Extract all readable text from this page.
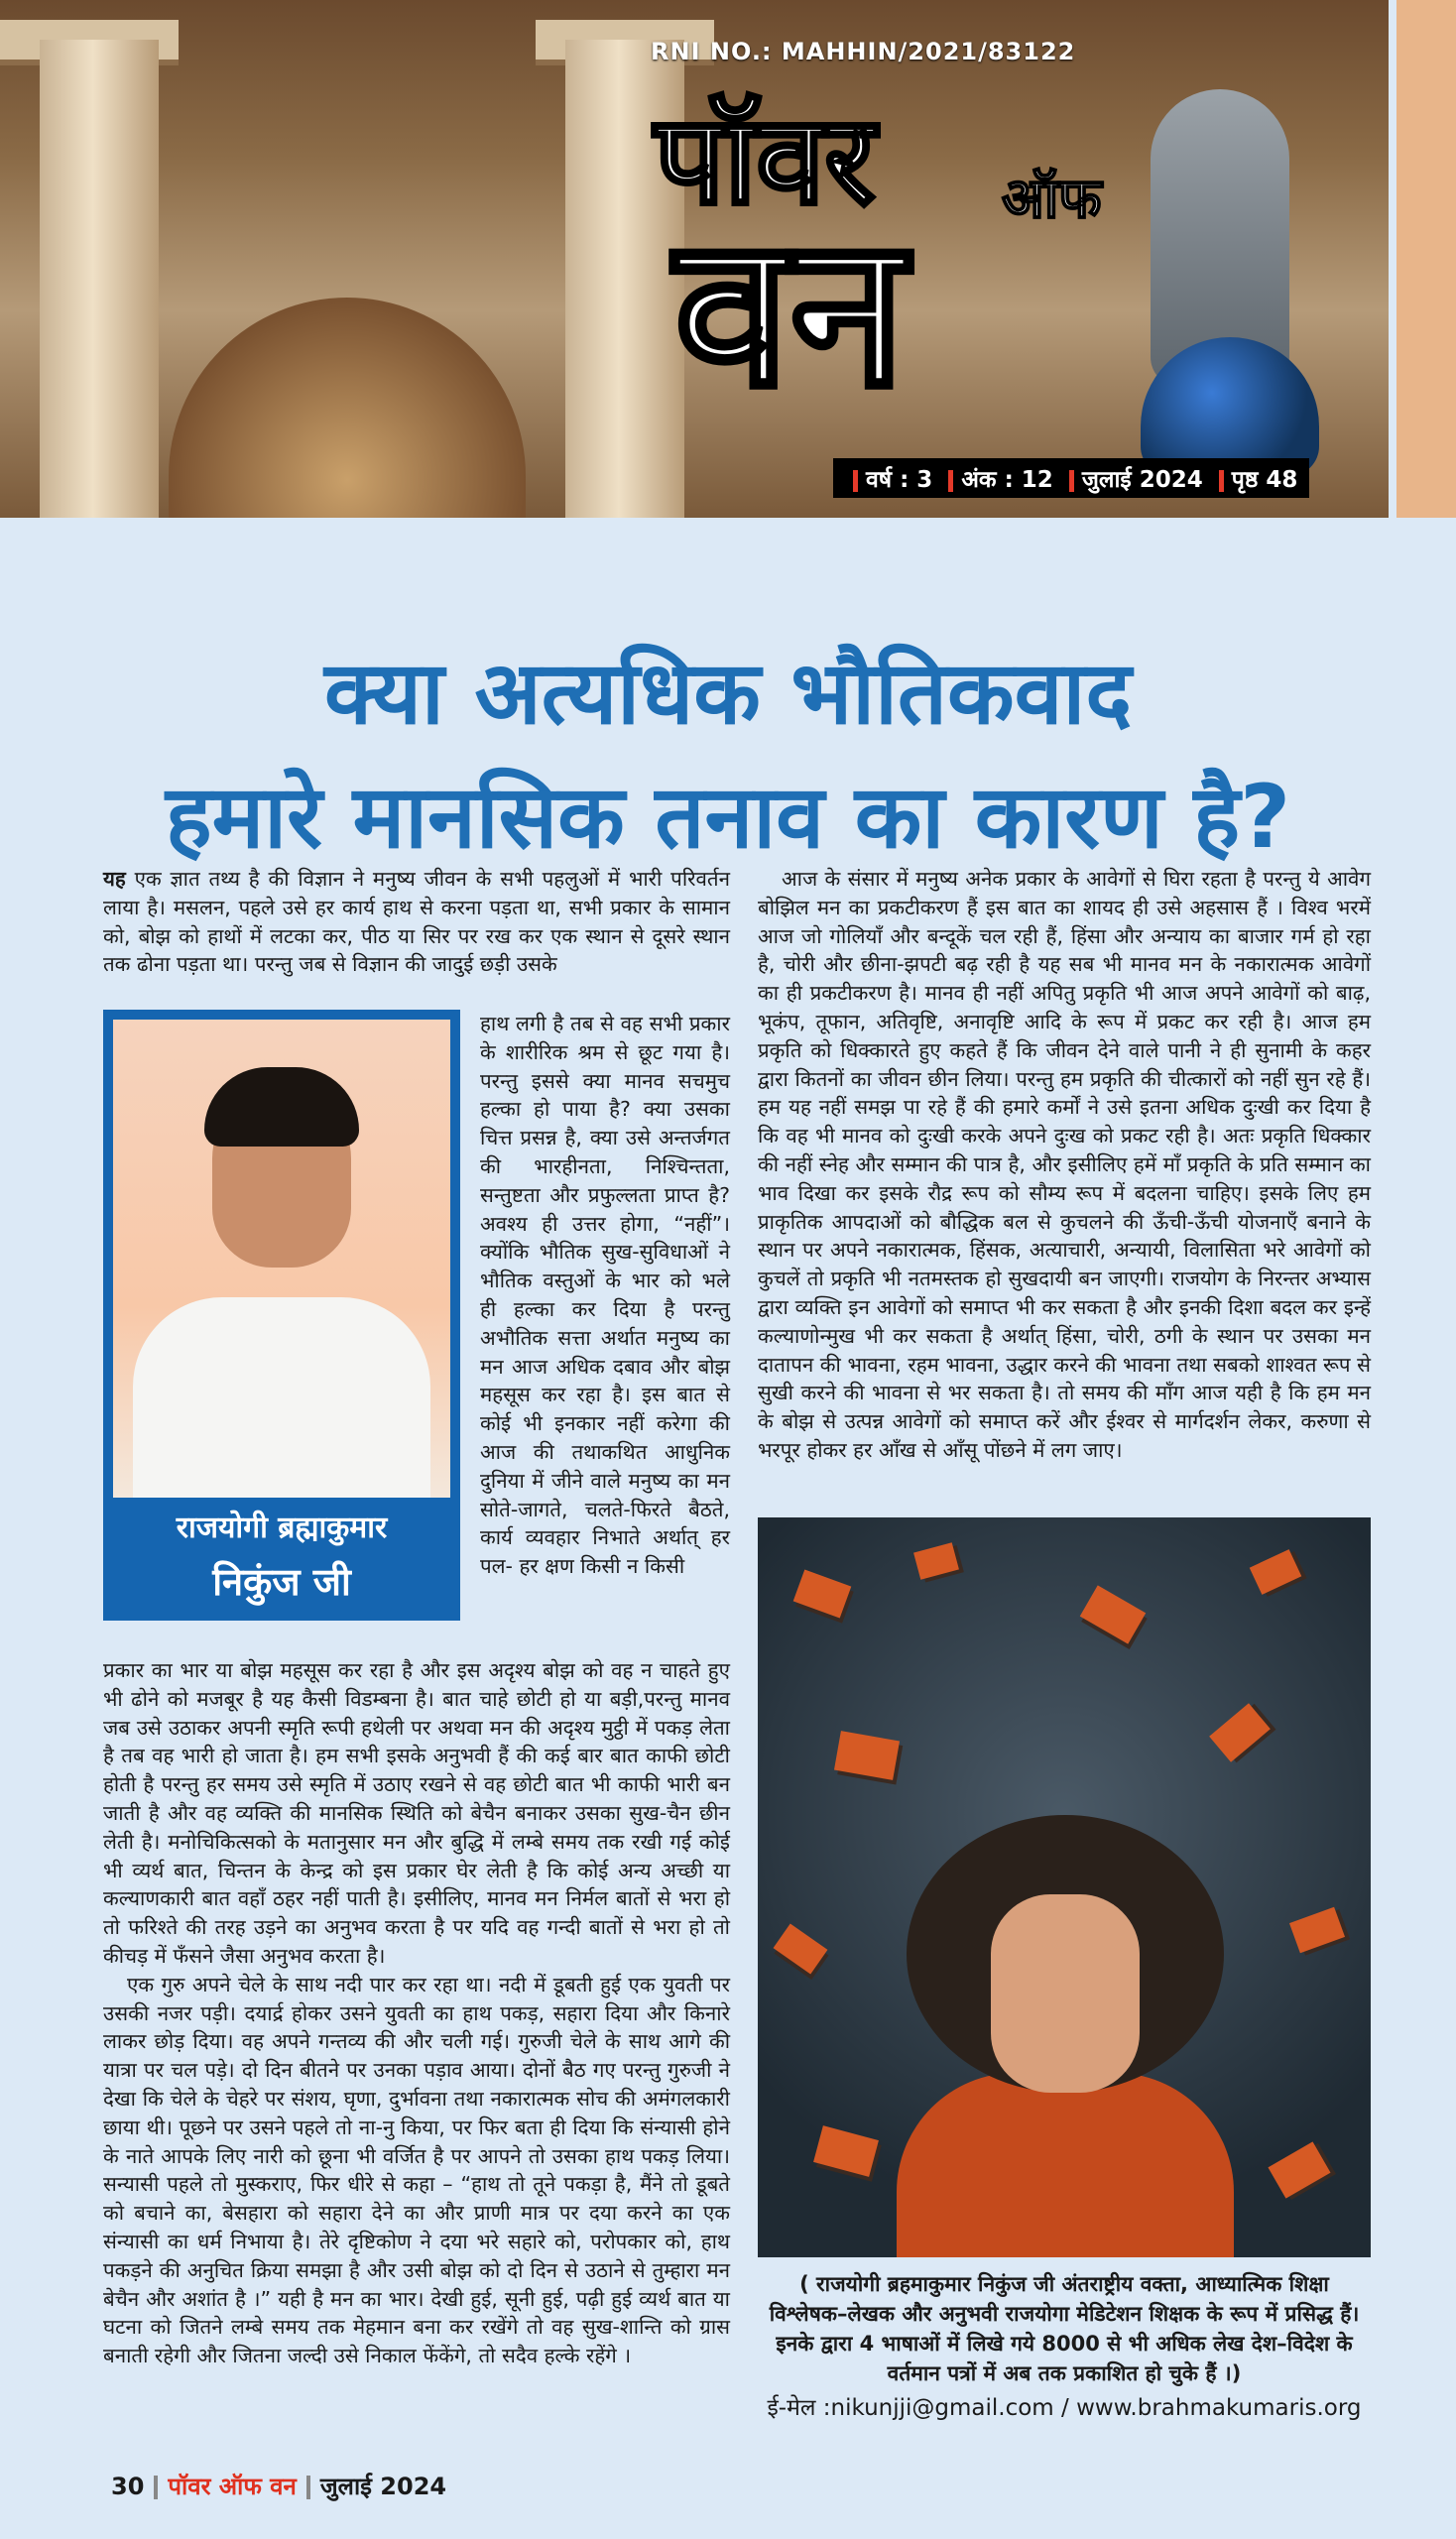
RNI NO.: MAHHIN/2021/83122
पॉवर ऑफ
वन
वर्ष : 3 अंक : 12 जुलाई 2024 पृष्ठ 48
क्या अत्यधिक भौतिकवाद
हमारे मानसिक तनाव का कारण है?

यह एक ज्ञात तथ्य है की विज्ञान ने मनुष्य जीवन के सभी पहलुओं में भारी परिवर्तन लाया है। मसलन, पहले उसे हर कार्य हाथ से करना पड़ता था, सभी प्रकार के सामान को, बोझ को हाथों में लटका कर, पीठ या सिर पर रख कर एक स्थान से दूसरे स्थान तक ढोना पड़ता था। परन्तु जब से विज्ञान की जादुई छड़ी उसके

राजयोगी ब्रह्माकुमार
निकुंज जी

हाथ लगी है तब से वह सभी प्रकार के शारीरिक श्रम से छूट गया है। परन्तु इससे क्या मानव सचमुच हल्का हो पाया है? क्या उसका चित्त प्रसन्न है, क्या उसे अन्तर्जगत की भारहीनता, निश्चिन्तता, सन्तुष्टता और प्रफुल्लता प्राप्त है? अवश्य ही उत्तर होगा, “नहीं”। क्योंकि भौतिक सुख-सुविधाओं ने भौतिक वस्तुओं के भार को भले ही हल्का कर दिया है परन्तु अभौतिक सत्ता अर्थात मनुष्य का मन आज अधिक दबाव और बोझ महसूस कर रहा है। इस बात से कोई भी इनकार नहीं करेगा की आज की तथाकथित आधुनिक दुनिया में जीने वाले मनुष्य का मन सोते-जागते, चलते-फिरते बैठते, कार्य व्यवहार निभाते अर्थात् हर पल- हर क्षण किसी न किसी

प्रकार का भार या बोझ महसूस कर रहा है और इस अदृश्य बोझ को वह न चाहते हुए भी ढोने को मजबूर है यह कैसी विडम्बना है। बात चाहे छोटी हो या बड़ी,परन्तु मानव जब उसे उठाकर अपनी स्मृति रूपी हथेली पर अथवा मन की अदृश्य मुट्ठी में पकड़ लेता है तब वह भारी हो जाता है। हम सभी इसके अनुभवी हैं की कई बार बात काफी छोटी होती है परन्तु हर समय उसे स्मृति में उठाए रखने से वह छोटी बात भी काफी भारी बन जाती है और वह व्यक्ति की मानसिक स्थिति को बेचैन बनाकर उसका सुख-चैन छीन लेती है। मनोचिकित्सको के मतानुसार मन और बुद्धि में लम्बे समय तक रखी गई कोई भी व्यर्थ बात, चिन्तन के केन्द्र को इस प्रकार घेर लेती है कि कोई अन्य अच्छी या कल्याणकारी बात वहाँ ठहर नहीं पाती है। इसीलिए, मानव मन निर्मल बातों से भरा हो तो फरिश्ते की तरह उड़ने का अनुभव करता है पर यदि वह गन्दी बातों से भरा हो तो कीचड़ में फँसने जैसा अनुभव करता है।

एक गुरु अपने चेले के साथ नदी पार कर रहा था। नदी में डूबती हुई एक युवती पर उसकी नजर पड़ी। दयार्द्र होकर उसने युवती का हाथ पकड़, सहारा दिया और किनारे लाकर छोड़ दिया। वह अपने गन्तव्य की और चली गई। गुरुजी चेले के साथ आगे की यात्रा पर चल पड़े। दो दिन बीतने पर उनका पड़ाव आया। दोनों बैठ गए परन्तु गुरुजी ने देखा कि चेले के चेहरे पर संशय, घृणा, दुर्भावना तथा नकारात्मक सोच की अमंगलकारी छाया थी। पूछने पर उसने पहले तो ना-नु किया, पर फिर बता ही दिया कि संन्यासी होने के नाते आपके लिए नारी को छूना भी वर्जित है पर आपने तो उसका हाथ पकड़ लिया। सन्यासी पहले तो मुस्कराए, फिर धीरे से कहा – “हाथ तो तूने पकड़ा है, मैंने तो डूबते को बचाने का, बेसहारा को सहारा देने का और प्राणी मात्र पर दया करने का एक संन्यासी का धर्म निभाया है। तेरे दृष्टिकोण ने दया भरे सहारे को, परोपकार को, हाथ पकड़ने की अनुचित क्रिया समझा है और उसी बोझ को दो दिन से उठाने से तुम्हारा मन बेचैन और अशांत है ।” यही है मन का भार। देखी हुई, सूनी हुई, पढ़ी हुई व्यर्थ बात या घटना को जितने लम्बे समय तक मेहमान बना कर रखेंगे तो वह सुख-शान्ति को ग्रास बनाती रहेगी और जितना जल्दी उसे निकाल फेंकेंगे, तो सदैव हल्के रहेंगे ।

आज के संसार में मनुष्य अनेक प्रकार के आवेगों से घिरा रहता है परन्तु ये आवेग बोझिल मन का प्रकटीकरण हैं इस बात का शायद ही उसे अहसास हैं । विश्व भरमें आज जो गोलियाँ और बन्दूकें चल रही हैं, हिंसा और अन्याय का बाजार गर्म हो रहा है, चोरी और छीना-झपटी बढ़ रही है यह सब भी मानव मन के नकारात्मक आवेगों का ही प्रकटीकरण है। मानव ही नहीं अपितु प्रकृति भी आज अपने आवेगों को बाढ़, भूकंप, तूफान, अतिवृष्टि, अनावृष्टि आदि के रूप में प्रकट कर रही है। आज हम प्रकृति को धिक्कारते हुए कहते हैं कि जीवन देने वाले पानी ने ही सुनामी के कहर द्वारा कितनों का जीवन छीन लिया। परन्तु हम प्रकृति की चीत्कारों को नहीं सुन रहे हैं। हम यह नहीं समझ पा रहे हैं की हमारे कर्मों ने उसे इतना अधिक दुःखी कर दिया है कि वह भी मानव को दुःखी करके अपने दुःख को प्रकट रही है। अतः प्रकृति धिक्कार की नहीं स्नेह और सम्मान की पात्र है, और इसीलिए हमें माँ प्रकृति के प्रति सम्मान का भाव दिखा कर इसके रौद्र रूप को सौम्य रूप में बदलना चाहिए। इसके लिए हम प्राकृतिक आपदाओं को बौद्धिक बल से कुचलने की ऊँची-ऊँची योजनाएँ बनाने के स्थान पर अपने नकारात्मक, हिंसक, अत्याचारी, अन्यायी, विलासिता भरे आवेगों को कुचलें तो प्रकृति भी नतमस्तक हो सुखदायी बन जाएगी। राजयोग के निरन्तर अभ्यास द्वारा व्यक्ति इन आवेगों को समाप्त भी कर सकता है और इनकी दिशा बदल कर इन्हें कल्याणोन्मुख भी कर सकता है अर्थात् हिंसा, चोरी, ठगी के स्थान पर उसका मन दातापन की भावना, रहम भावना, उद्धार करने की भावना तथा सबको शाश्वत रूप से सुखी करने की भावना से भर सकता है। तो समय की माँग आज यही है कि हम मन के बोझ से उत्पन्न आवेगों को समाप्त करें और ईश्वर से मार्गदर्शन लेकर, करुणा से भरपूर होकर हर आँख से आँसू पोंछने में लग जाए।

( राजयोगी ब्रहमाकुमार निकुंज जी अंतराष्ट्रीय वक्ता, आध्यात्मिक शिक्षा विश्लेषक–लेखक और अनुभवी राजयोगा मेडिटेशन शिक्षक के रूप में प्रसिद्ध हैं। इनके द्वारा 4 भाषाओं में लिखे गये 8000 से भी अधिक लेख देश–विदेश के वर्तमान पत्रों में अब तक प्रकाशित हो चुके हैं ।)
ई-मेल :nikunjji@gmail.com / www.brahmakumaris.org
30 पॉवर ऑफ वन जुलाई 2024
